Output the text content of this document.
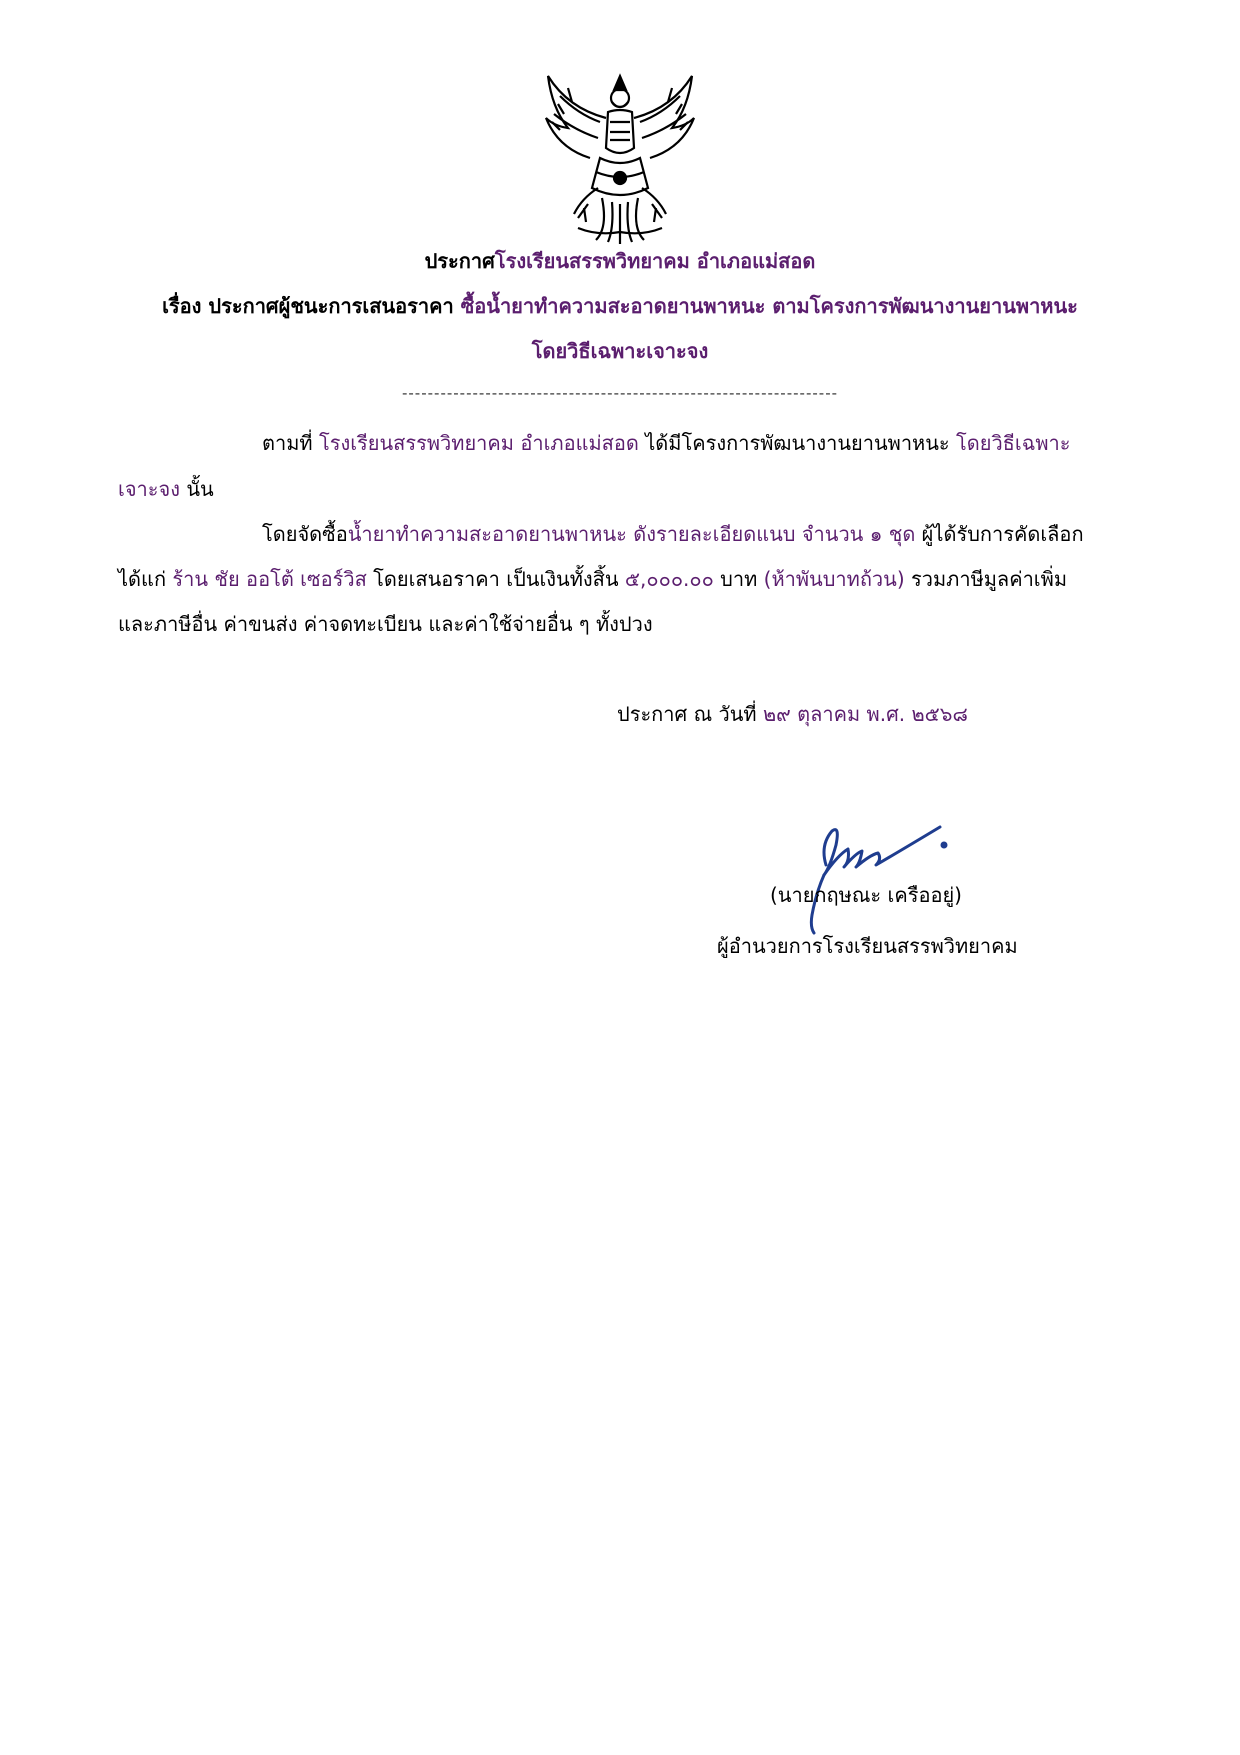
ประกาศโรงเรียนสรรพวิทยาคม อำเภอแม่สอด
เรื่อง ประกาศผู้ชนะการเสนอราคา ซื้อน้ำยาทำความสะอาดยานพาหนะ ตามโครงการพัฒนางานยานพาหนะ
โดยวิธีเฉพาะเจาะจง
--------------------------------------------------------------------
ตามที่ โรงเรียนสรรพวิทยาคม อำเภอแม่สอด ได้มีโครงการพัฒนางานยานพาหนะ โดยวิธีเฉพาะ
เจาะจง นั้น
โดยจัดซื้อน้ำยาทำความสะอาดยานพาหนะ ดังรายละเอียดแนบ จำนวน ๑ ชุด ผู้ได้รับการคัดเลือก
ได้แก่ ร้าน ชัย ออโต้ เซอร์วิส โดยเสนอราคา เป็นเงินทั้งสิ้น ๕,๐๐๐.๐๐ บาท (ห้าพันบาทถ้วน) รวมภาษีมูลค่าเพิ่ม
และภาษีอื่น ค่าขนส่ง ค่าจดทะเบียน และค่าใช้จ่ายอื่น ๆ ทั้งปวง
ประกาศ ณ วันที่ ๒๙ ตุลาคม พ.ศ. ๒๕๖๘
(นายกฤษณะ เครืออยู่)
ผู้อำนวยการโรงเรียนสรรพวิทยาคม
